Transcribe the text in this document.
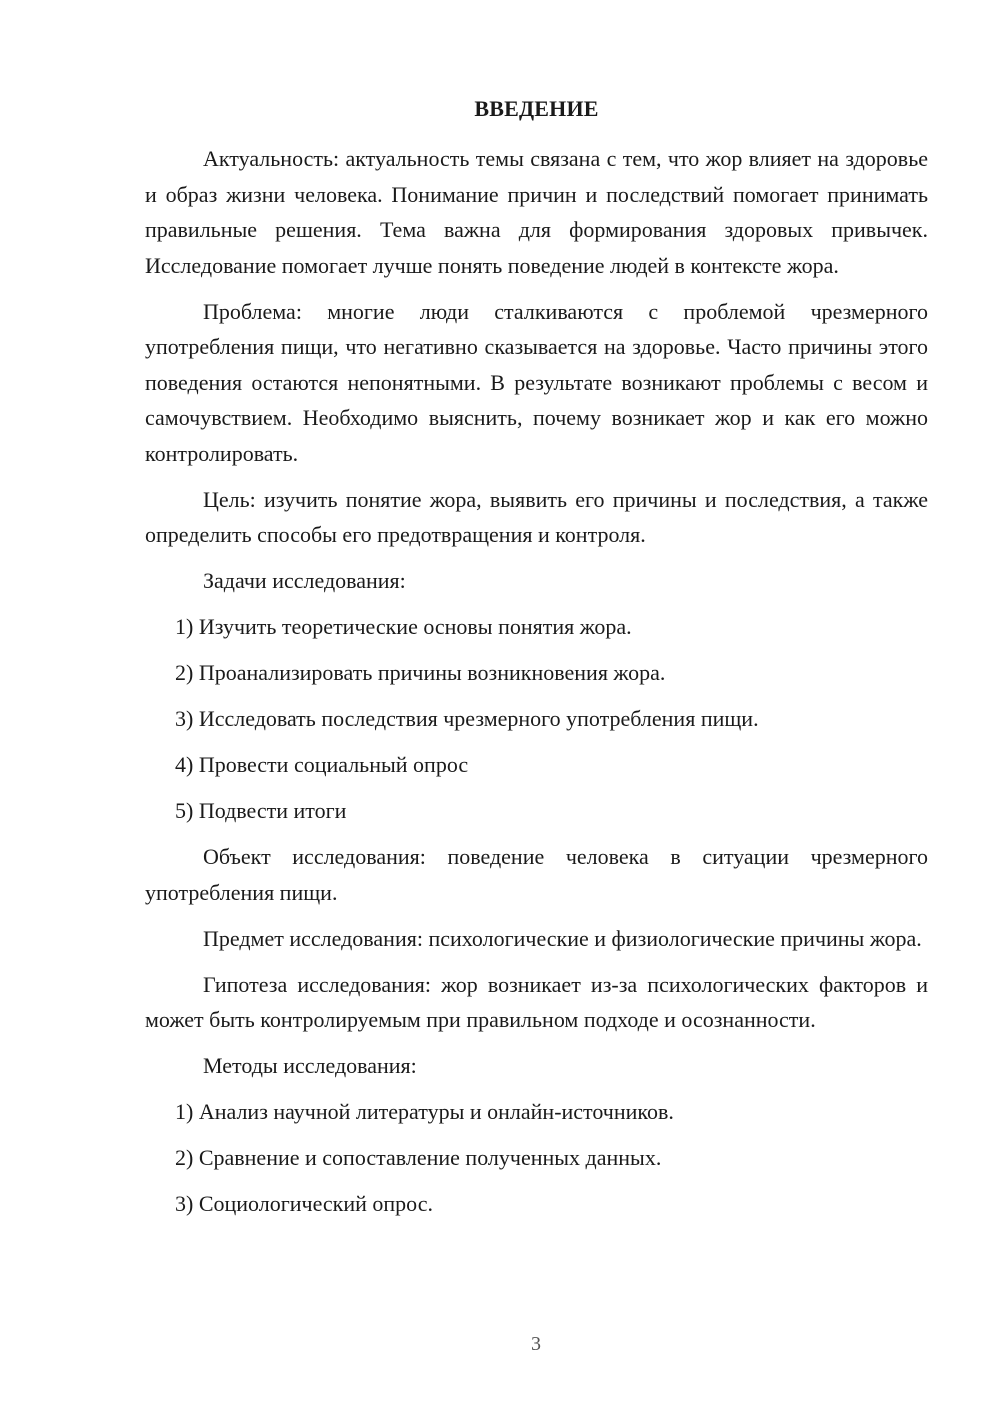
ВВЕДЕНИЕ

Актуальность: актуальность темы связана с тем, что жор влияет на здоровье и образ жизни человека. Понимание причин и последствий помогает принимать правильные решения. Тема важна для формирования здоровых привычек. Исследование помогает лучше понять поведение людей в контексте жора.

Проблема: многие люди сталкиваются с проблемой чрезмерного употребления пищи, что негативно сказывается на здоровье. Часто причины этого поведения остаются непонятными. В результате возникают проблемы с весом и самочувствием. Необходимо выяснить, почему возникает жор и как его можно контролировать.

Цель: изучить понятие жора, выявить его причины и последствия, а также определить способы его предотвращения и контроля.

Задачи исследования:

1) Изучить теоретические основы понятия жора.

2) Проанализировать причины возникновения жора.

3) Исследовать последствия чрезмерного употребления пищи.

4) Провести социальный опрос

5) Подвести итоги

Объект исследования: поведение человека в ситуации чрезмерного употребления пищи.

Предмет исследования: психологические и физиологические причины жора.

Гипотеза исследования: жор возникает из-за психологических факторов и может быть контролируемым при правильном подходе и осознанности.

Методы исследования:

1) Анализ научной литературы и онлайн-источников.

2) Сравнение и сопоставление полученных данных.

3) Социологический опрос.

3
